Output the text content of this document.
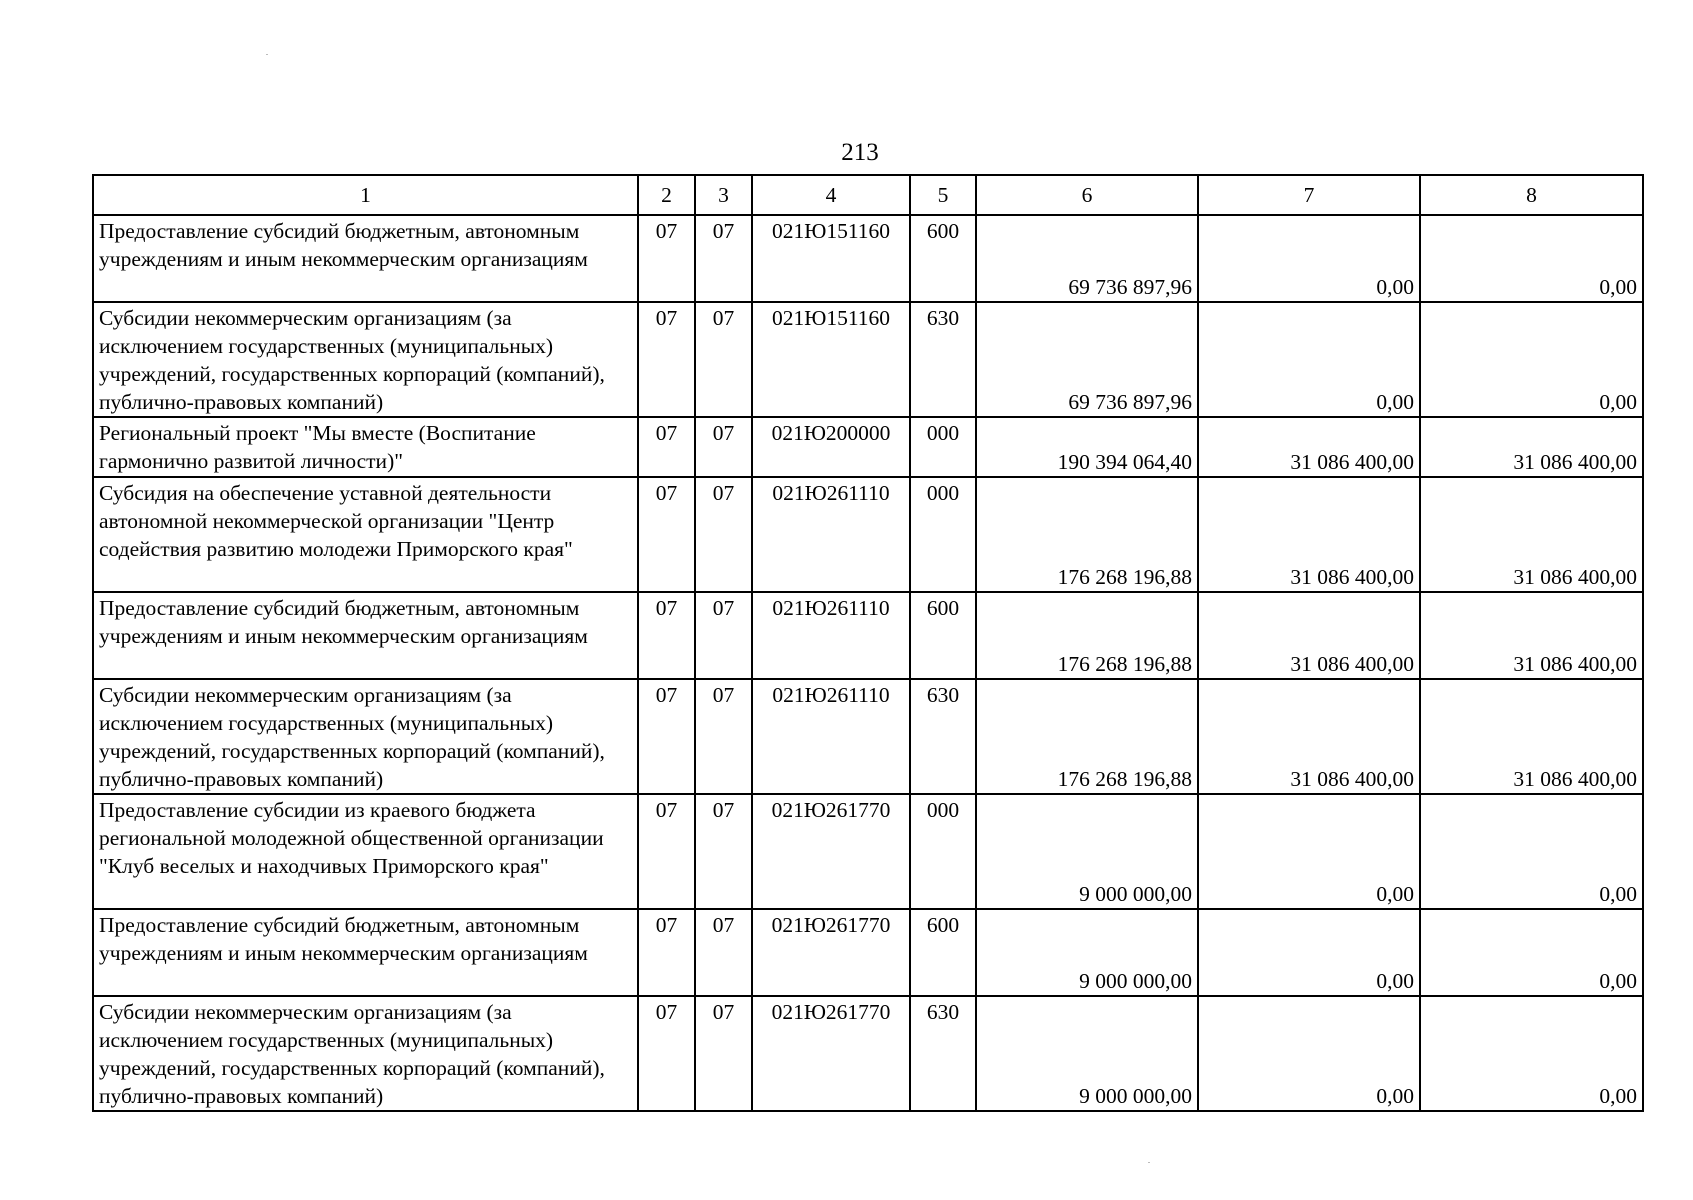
213
1	2	3	4	5	6	7	8
Предоставление субсидий бюджетным, автономным учреждениям и иным некоммерческим организациям	07	07	021Ю151160	600	69 736 897,96	0,00	0,00
Субсидии некоммерческим организациям (за исключением государственных (муниципальных) учреждений, государственных корпораций (компаний), публично-правовых компаний)	07	07	021Ю151160	630	69 736 897,96	0,00	0,00
Региональный проект "Мы вместе (Воспитание гармонично развитой личности)"	07	07	021Ю200000	000	190 394 064,40	31 086 400,00	31 086 400,00
Субсидия на обеспечение уставной деятельности автономной некоммерческой организации "Центр содействия развитию молодежи Приморского края"	07	07	021Ю261110	000	176 268 196,88	31 086 400,00	31 086 400,00
Предоставление субсидий бюджетным, автономным учреждениям и иным некоммерческим организациям	07	07	021Ю261110	600	176 268 196,88	31 086 400,00	31 086 400,00
Субсидии некоммерческим организациям (за исключением государственных (муниципальных) учреждений, государственных корпораций (компаний), публично-правовых компаний)	07	07	021Ю261110	630	176 268 196,88	31 086 400,00	31 086 400,00
Предоставление субсидии из краевого бюджета региональной молодежной общественной организации "Клуб веселых и находчивых Приморского края"	07	07	021Ю261770	000	9 000 000,00	0,00	0,00
Предоставление субсидий бюджетным, автономным учреждениям и иным некоммерческим организациям	07	07	021Ю261770	600	9 000 000,00	0,00	0,00
Субсидии некоммерческим организациям (за исключением государственных (муниципальных) учреждений, государственных корпораций (компаний), публично-правовых компаний)	07	07	021Ю261770	630	9 000 000,00	0,00	0,00
